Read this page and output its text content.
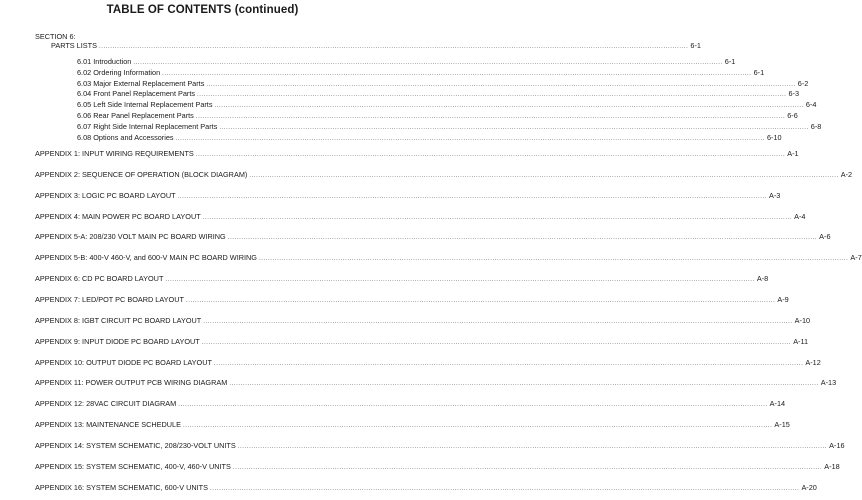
TABLE OF CONTENTS (continued)
SECTION 6:
PARTS LISTS .................................................................................................................................................................................................................................................................... 6-1
6.01 Introduction .................................................................................................................................................................................................................................................................... 6-1
6.02 Ordering Information .................................................................................................................................................................................................................................................................... 6-1
6.03 Major External Replacement Parts .................................................................................................................................................................................................................................................................... 6-2
6.04 Front Panel Replacement Parts .................................................................................................................................................................................................................................................................... 6-3
6.05 Left Side Internal Replacement Parts .................................................................................................................................................................................................................................................................... 6-4
6.06 Rear Panel Replacement Parts .................................................................................................................................................................................................................................................................... 6-6
6.07 Right Side Internal Replacement Parts .................................................................................................................................................................................................................................................................... 6-8
6.08 Options and Accessories .................................................................................................................................................................................................................................................................... 6-10
APPENDIX 1: INPUT WIRING REQUIREMENTS .................................................................................................................................................................................................................................................................... A-1
APPENDIX 2: SEQUENCE OF OPERATION (BLOCK DIAGRAM) .................................................................................................................................................................................................................................................................... A-2
APPENDIX 3: LOGIC PC BOARD LAYOUT .................................................................................................................................................................................................................................................................... A-3
APPENDIX 4: MAIN POWER PC BOARD LAYOUT .................................................................................................................................................................................................................................................................... A-4
APPENDIX 5-A: 208/230 VOLT MAIN PC BOARD WIRING .................................................................................................................................................................................................................................................................... A-6
APPENDIX 5-B: 400-V 460-V, and 600-V MAIN PC BOARD WIRING .................................................................................................................................................................................................................................................................... A-7
APPENDIX 6: CD PC BOARD LAYOUT .................................................................................................................................................................................................................................................................... A-8
APPENDIX 7: LED/POT PC BOARD LAYOUT .................................................................................................................................................................................................................................................................... A-9
APPENDIX 8: IGBT CIRCUIT PC BOARD LAYOUT .................................................................................................................................................................................................................................................................... A-10
APPENDIX 9: INPUT DIODE PC BOARD LAYOUT .................................................................................................................................................................................................................................................................... A-11
APPENDIX 10: OUTPUT DIODE PC BOARD LAYOUT .................................................................................................................................................................................................................................................................... A-12
APPENDIX 11: POWER OUTPUT PCB WIRING DIAGRAM .................................................................................................................................................................................................................................................................... A-13
APPENDIX 12: 28VAC CIRCUIT DIAGRAM .................................................................................................................................................................................................................................................................... A-14
APPENDIX 13: MAINTENANCE SCHEDULE .................................................................................................................................................................................................................................................................... A-15
APPENDIX 14: SYSTEM SCHEMATIC, 208/230-VOLT UNITS .................................................................................................................................................................................................................................................................... A-16
APPENDIX 15: SYSTEM SCHEMATIC, 400-V, 460-V UNITS .................................................................................................................................................................................................................................................................... A-18
APPENDIX 16: SYSTEM SCHEMATIC, 600-V UNITS .................................................................................................................................................................................................................................................................... A-20
